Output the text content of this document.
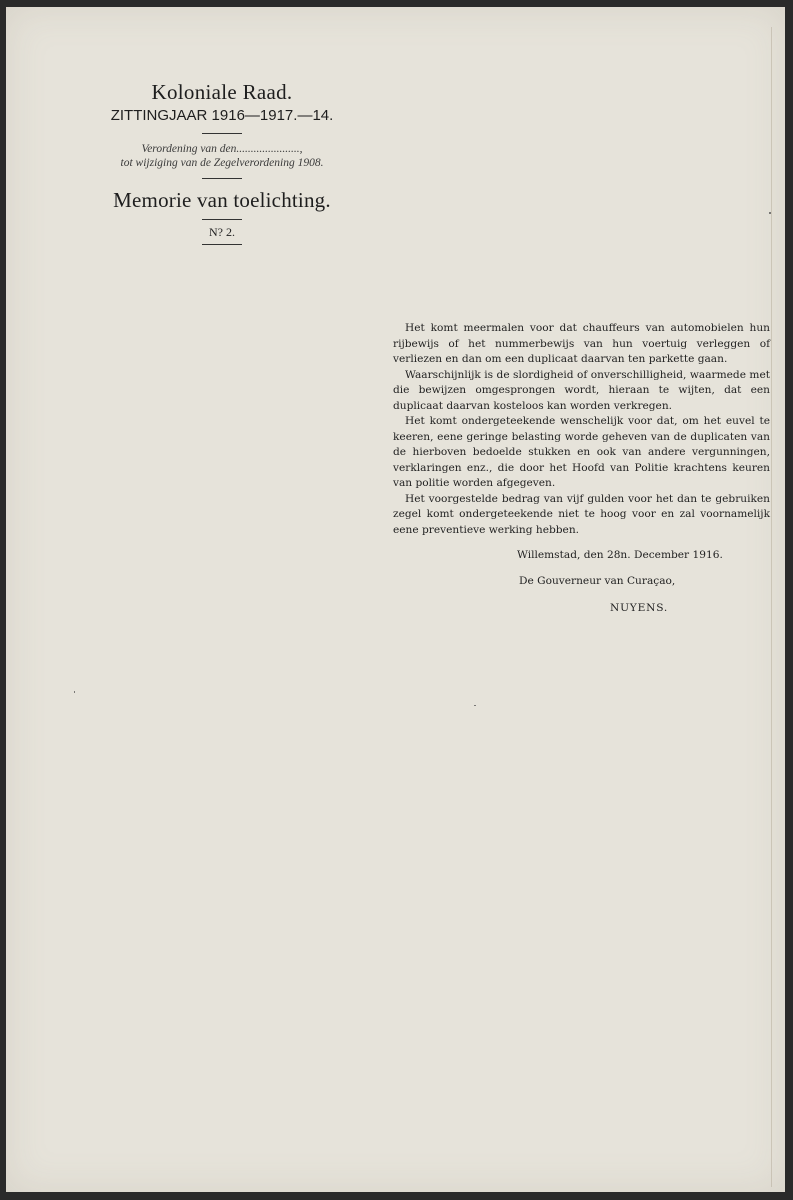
Koloniale Raad.

ZITTINGJAAR 1916—1917.—14.

Verordening van den......................,
tot wijziging van de Zegelverordening 1908.

Memorie van toelichting.

N? 2.

Het komt meermalen voor dat chauffeurs van automobielen hun rijbewijs of het nummerbewijs van hun voertuig verleggen of verliezen en dan om een duplicaat daarvan ten parkette gaan.

Waarschijnlijk is de slordigheid of onverschilligheid, waarmede met die bewijzen omgesprongen wordt, hieraan te wijten, dat een duplicaat daarvan kosteloos kan worden verkregen.

Het komt ondergeteekende wenschelijk voor dat, om het euvel te keeren, eene geringe belasting worde geheven van de duplicaten van de hierboven bedoelde stukken en ook van andere vergunningen, verklaringen enz., die door het Hoofd van Politie krachtens keuren van politie worden afgegeven.

Het voorgestelde bedrag van vijf gulden voor het dan te gebruiken zegel komt ondergeteekende niet te hoog voor en zal voornamelijk eene preventieve werking hebben.

Willemstad, den 28n. December 1916.
De Gouverneur van Curaçao,
NUYENS.
